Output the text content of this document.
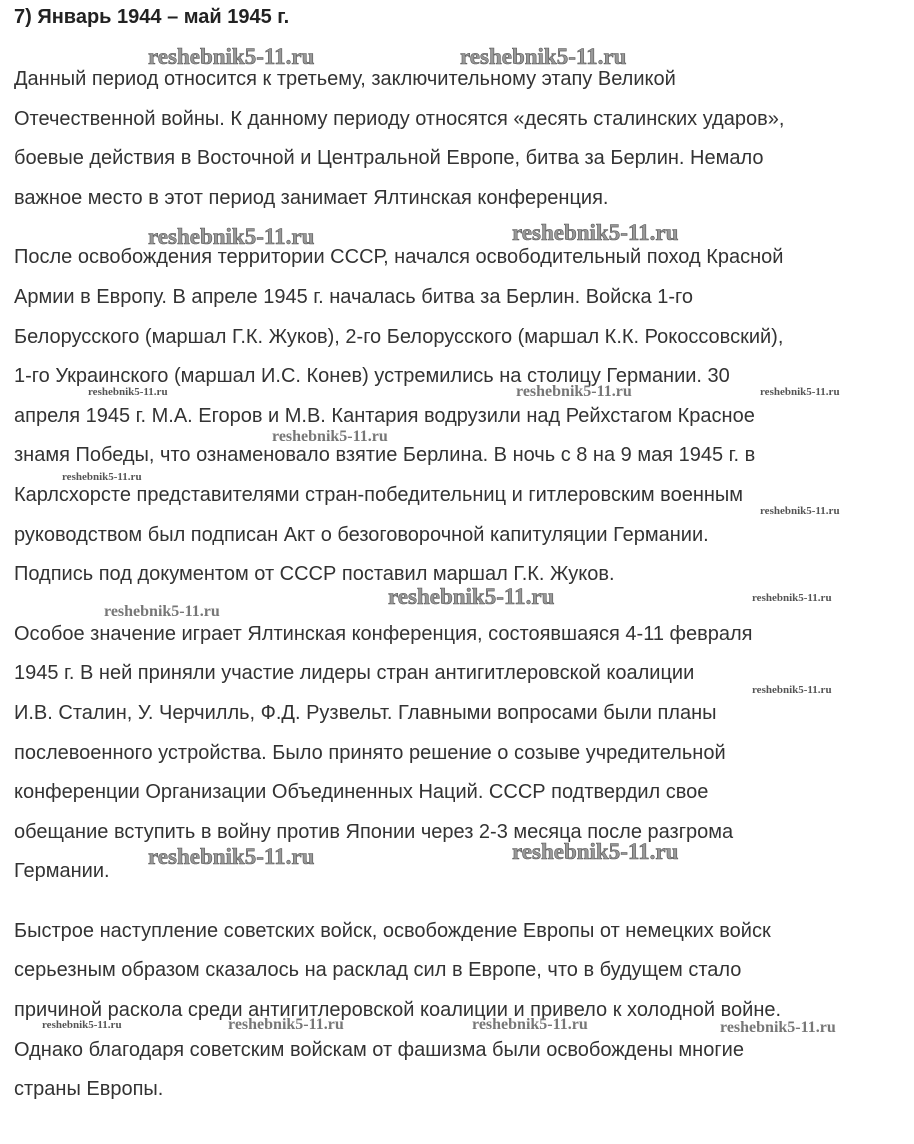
7) Январь 1944 – май 1945 г.
Данный период относится к третьему, заключительному этапу Великой
Отечественной войны. К данному периоду относятся «десять сталинских ударов»,
боевые действия в Восточной и Центральной Европе, битва за Берлин. Немало
важное место в этот период занимает Ялтинская конференция.
После освобождения территории СССР, начался освободительный поход Красной
Армии в Европу. В апреле 1945 г. началась битва за Берлин. Войска 1-го
Белорусского (маршал Г.К. Жуков), 2-го Белорусского (маршал К.К. Рокоссовский),
1-го Украинского (маршал И.С. Конев) устремились на столицу Германии. 30
апреля 1945 г. М.А. Егоров и М.В. Кантария водрузили над Рейхстагом Красное
знамя Победы, что ознаменовало взятие Берлина. В ночь с 8 на 9 мая 1945 г. в
Карлсхорсте представителями стран-победительниц и гитлеровским военным
руководством был подписан Акт о безоговорочной капитуляции Германии.
Подпись под документом от СССР поставил маршал Г.К. Жуков.
Особое значение играет Ялтинская конференция, состоявшаяся 4-11 февраля
1945 г. В ней приняли участие лидеры стран антигитлеровской коалиции
И.В. Сталин, У. Черчилль, Ф.Д. Рузвельт. Главными вопросами были планы
послевоенного устройства. Было принято решение о созыве учредительной
конференции Организации Объединенных Наций. СССР подтвердил свое
обещание вступить в войну против Японии через 2-3 месяца после разгрома
Германии.
Быстрое наступление советских войск, освобождение Европы от немецких войск
серьезным образом сказалось на расклад сил в Европе, что в будущем стало
причиной раскола среди антигитлеровской коалиции и привело к холодной войне.
Однако благодаря советским войскам от фашизма были освобождены многие
страны Европы.
reshebnik5-11.ru	reshebnik5-11.ru
reshebnik5-11.ru	reshebnik5-11.ru
reshebnik5-11.ru
reshebnik5-11.ru	reshebnik5-11.ru
reshebnik5-11.ru	reshebnik5-11.ru	reshebnik5-11.ru
reshebnik5-11.ru
reshebnik5-11.ru
reshebnik5-11.ru
reshebnik5-11.ru
reshebnik5-11.ru
reshebnik5-11.ru
reshebnik5-11.ru	reshebnik5-11.ru	reshebnik5-11.ru	reshebnik5-11.ru
